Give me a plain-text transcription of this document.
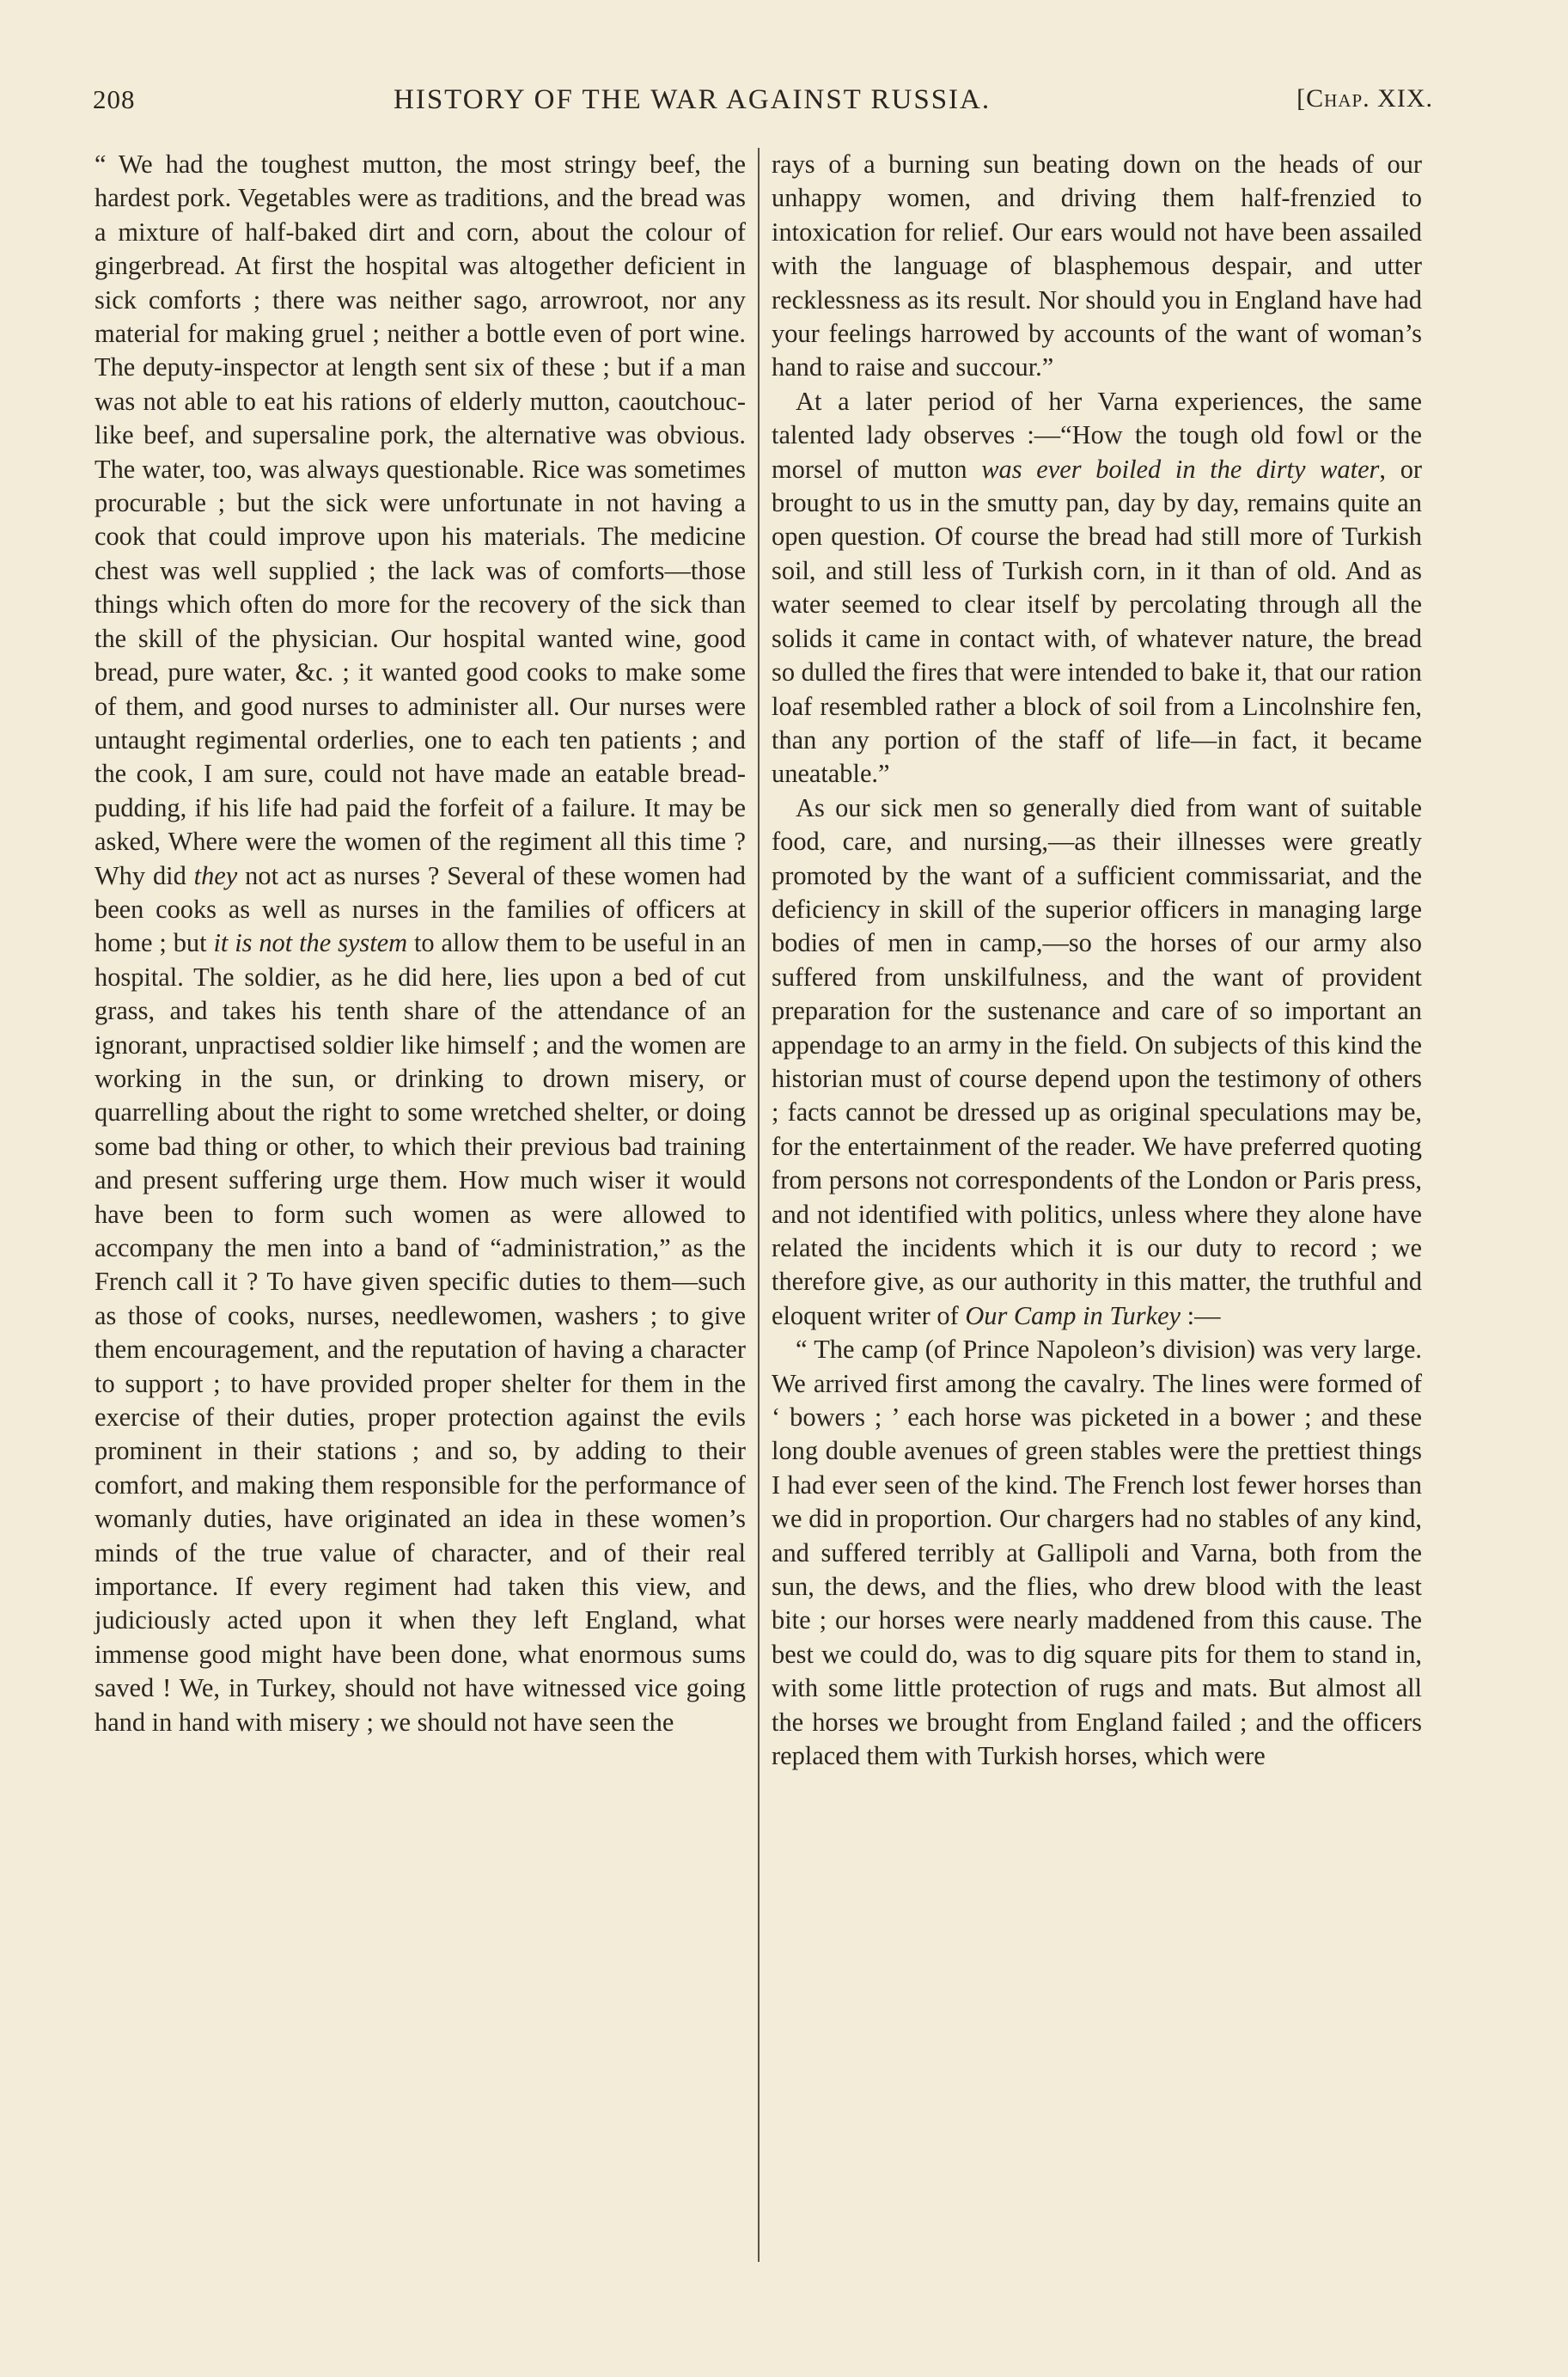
208	HISTORY OF THE WAR AGAINST RUSSIA.	[Chap. XIX.

“ We had the toughest mutton, the most stringy beef, the hardest pork. Vegetables were as traditions, and the bread was a mixture of half-baked dirt and corn, about the colour of gingerbread. At first the hospital was altogether deficient in sick comforts ; there was neither sago, arrowroot, nor any material for making gruel ; neither a bottle even of port wine. The deputy-inspector at length sent six of these ; but if a man was not able to eat his rations of elderly mutton, caoutchouc-like beef, and supersaline pork, the alternative was obvious. The water, too, was always questionable. Rice was sometimes procurable ; but the sick were unfortunate in not having a cook that could improve upon his materials. The medicine chest was well supplied ; the lack was of comforts—those things which often do more for the recovery of the sick than the skill of the physician. Our hospital wanted wine, good bread, pure water, &c. ; it wanted good cooks to make some of them, and good nurses to administer all. Our nurses were untaught regimental orderlies, one to each ten patients ; and the cook, I am sure, could not have made an eatable bread-pudding, if his life had paid the forfeit of a failure. It may be asked, Where were the women of the regiment all this time ? Why did they not act as nurses ? Several of these women had been cooks as well as nurses in the families of officers at home ; but it is not the system to allow them to be useful in an hospital. The soldier, as he did here, lies upon a bed of cut grass, and takes his tenth share of the attendance of an ignorant, unpractised soldier like himself ; and the women are working in the sun, or drinking to drown misery, or quarrelling about the right to some wretched shelter, or doing some bad thing or other, to which their previous bad training and present suffering urge them. How much wiser it would have been to form such women as were allowed to accompany the men into a band of “administration,” as the French call it ? To have given specific duties to them—such as those of cooks, nurses, needlewomen, washers ; to give them encouragement, and the reputation of having a character to support ; to have provided proper shelter for them in the exercise of their duties, proper protection against the evils prominent in their stations ; and so, by adding to their comfort, and making them responsible for the performance of womanly duties, have originated an idea in these women’s minds of the true value of character, and of their real importance. If every regiment had taken this view, and judiciously acted upon it when they left England, what immense good might have been done, what enormous sums saved ! We, in Turkey, should not have witnessed vice going hand in hand with misery ; we should not have seen the

rays of a burning sun beating down on the heads of our unhappy women, and driving them half-frenzied to intoxication for relief. Our ears would not have been assailed with the language of blasphemous despair, and utter recklessness as its result. Nor should you in England have had your feelings harrowed by accounts of the want of woman’s hand to raise and succour.”

At a later period of her Varna experiences, the same talented lady observes :—“How the tough old fowl or the morsel of mutton was ever boiled in the dirty water, or brought to us in the smutty pan, day by day, remains quite an open question. Of course the bread had still more of Turkish soil, and still less of Turkish corn, in it than of old. And as water seemed to clear itself by percolating through all the solids it came in contact with, of whatever nature, the bread so dulled the fires that were intended to bake it, that our ration loaf resembled rather a block of soil from a Lincolnshire fen, than any portion of the staff of life—in fact, it became uneatable.”

As our sick men so generally died from want of suitable food, care, and nursing,—as their illnesses were greatly promoted by the want of a sufficient commissariat, and the deficiency in skill of the superior officers in managing large bodies of men in camp,—so the horses of our army also suffered from unskilfulness, and the want of provident preparation for the sustenance and care of so important an appendage to an army in the field. On subjects of this kind the historian must of course depend upon the testimony of others ; facts cannot be dressed up as original speculations may be, for the entertainment of the reader. We have preferred quoting from persons not correspondents of the London or Paris press, and not identified with politics, unless where they alone have related the incidents which it is our duty to record ; we therefore give, as our authority in this matter, the truthful and eloquent writer of Our Camp in Turkey :—

“ The camp (of Prince Napoleon’s division) was very large. We arrived first among the cavalry. The lines were formed of ‘ bowers ; ’ each horse was picketed in a bower ; and these long double avenues of green stables were the prettiest things I had ever seen of the kind. The French lost fewer horses than we did in proportion. Our chargers had no stables of any kind, and suffered terribly at Gallipoli and Varna, both from the sun, the dews, and the flies, who drew blood with the least bite ; our horses were nearly maddened from this cause. The best we could do, was to dig square pits for them to stand in, with some little protection of rugs and mats. But almost all the horses we brought from England failed ; and the officers replaced them with Turkish horses, which were
